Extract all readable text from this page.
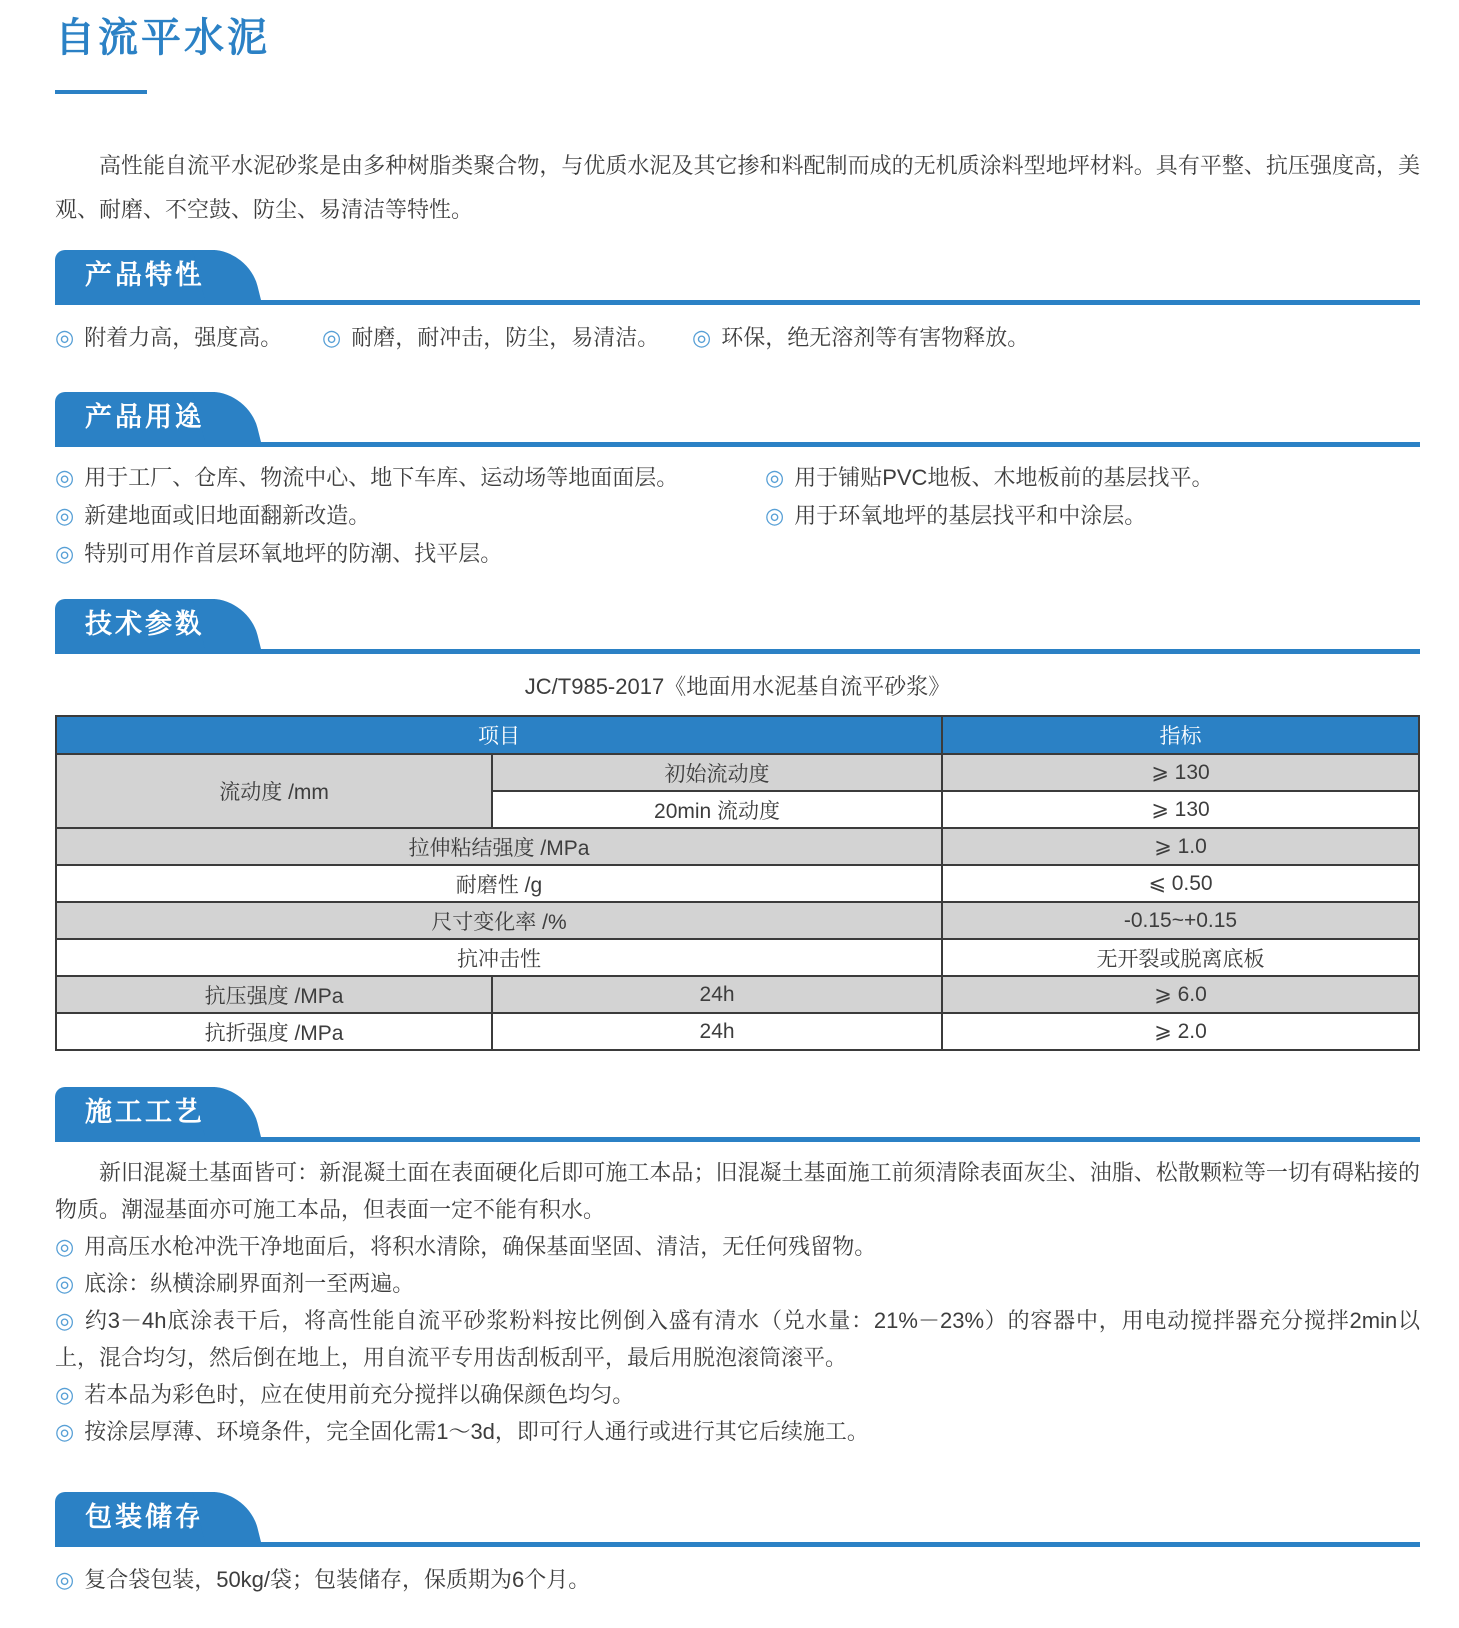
自流平水泥

高性能自流平水泥砂浆是由多种树脂类聚合物，与优质水泥及其它掺和料配制而成的无机质涂料型地坪材料。具有平整、抗压强度高，美观、耐磨、不空鼓、防尘、易清洁等特性。

产品特性

◎ 附着力高，强度高。	◎ 耐磨，耐冲击，防尘，易清洁。	◎ 环保，绝无溶剂等有害物释放。

产品用途

◎ 用于工厂、仓库、物流中心、地下车库、运动场等地面面层。

◎ 新建地面或旧地面翻新改造。

◎ 特别可用作首层环氧地坪的防潮、找平层。

◎ 用于铺贴PVC地板、木地板前的基层找平。

◎ 用于环氧地坪的基层找平和中涂层。

技术参数

JC/T985-2017《地面用水泥基自流平砂浆》

项目		指标
流动度 /mm	初始流动度	⩾ 130
	20min 流动度	⩾ 130
拉伸粘结强度 /MPa		⩾ 1.0
耐磨性 /g		⩽ 0.50
尺寸变化率 /%		-0.15~+0.15
抗冲击性		无开裂或脱离底板
抗压强度 /MPa	24h	⩾ 6.0
抗折强度 /MPa	24h	⩾ 2.0
施工工艺

新旧混凝土基面皆可：新混凝土面在表面硬化后即可施工本品；旧混凝土基面施工前须清除表面灰尘、油脂、松散颗粒等一切有碍粘接的物质。潮湿基面亦可施工本品，但表面一定不能有积水。

◎ 用高压水枪冲洗干净地面后，将积水清除，确保基面坚固、清洁，无任何残留物。

◎ 底涂：纵横涂刷界面剂一至两遍。

◎ 约3－4h底涂表干后，将高性能自流平砂浆粉料按比例倒入盛有清水（兑水量：21%－23%）的容器中，用电动搅拌器充分搅拌2min以上，混合均匀，然后倒在地上，用自流平专用齿刮板刮平，最后用脱泡滚筒滚平。

◎ 若本品为彩色时，应在使用前充分搅拌以确保颜色均匀。

◎ 按涂层厚薄、环境条件，完全固化需1～3d，即可行人通行或进行其它后续施工。

包装储存

◎ 复合袋包装，50kg/袋；包装储存，保质期为6个月。
